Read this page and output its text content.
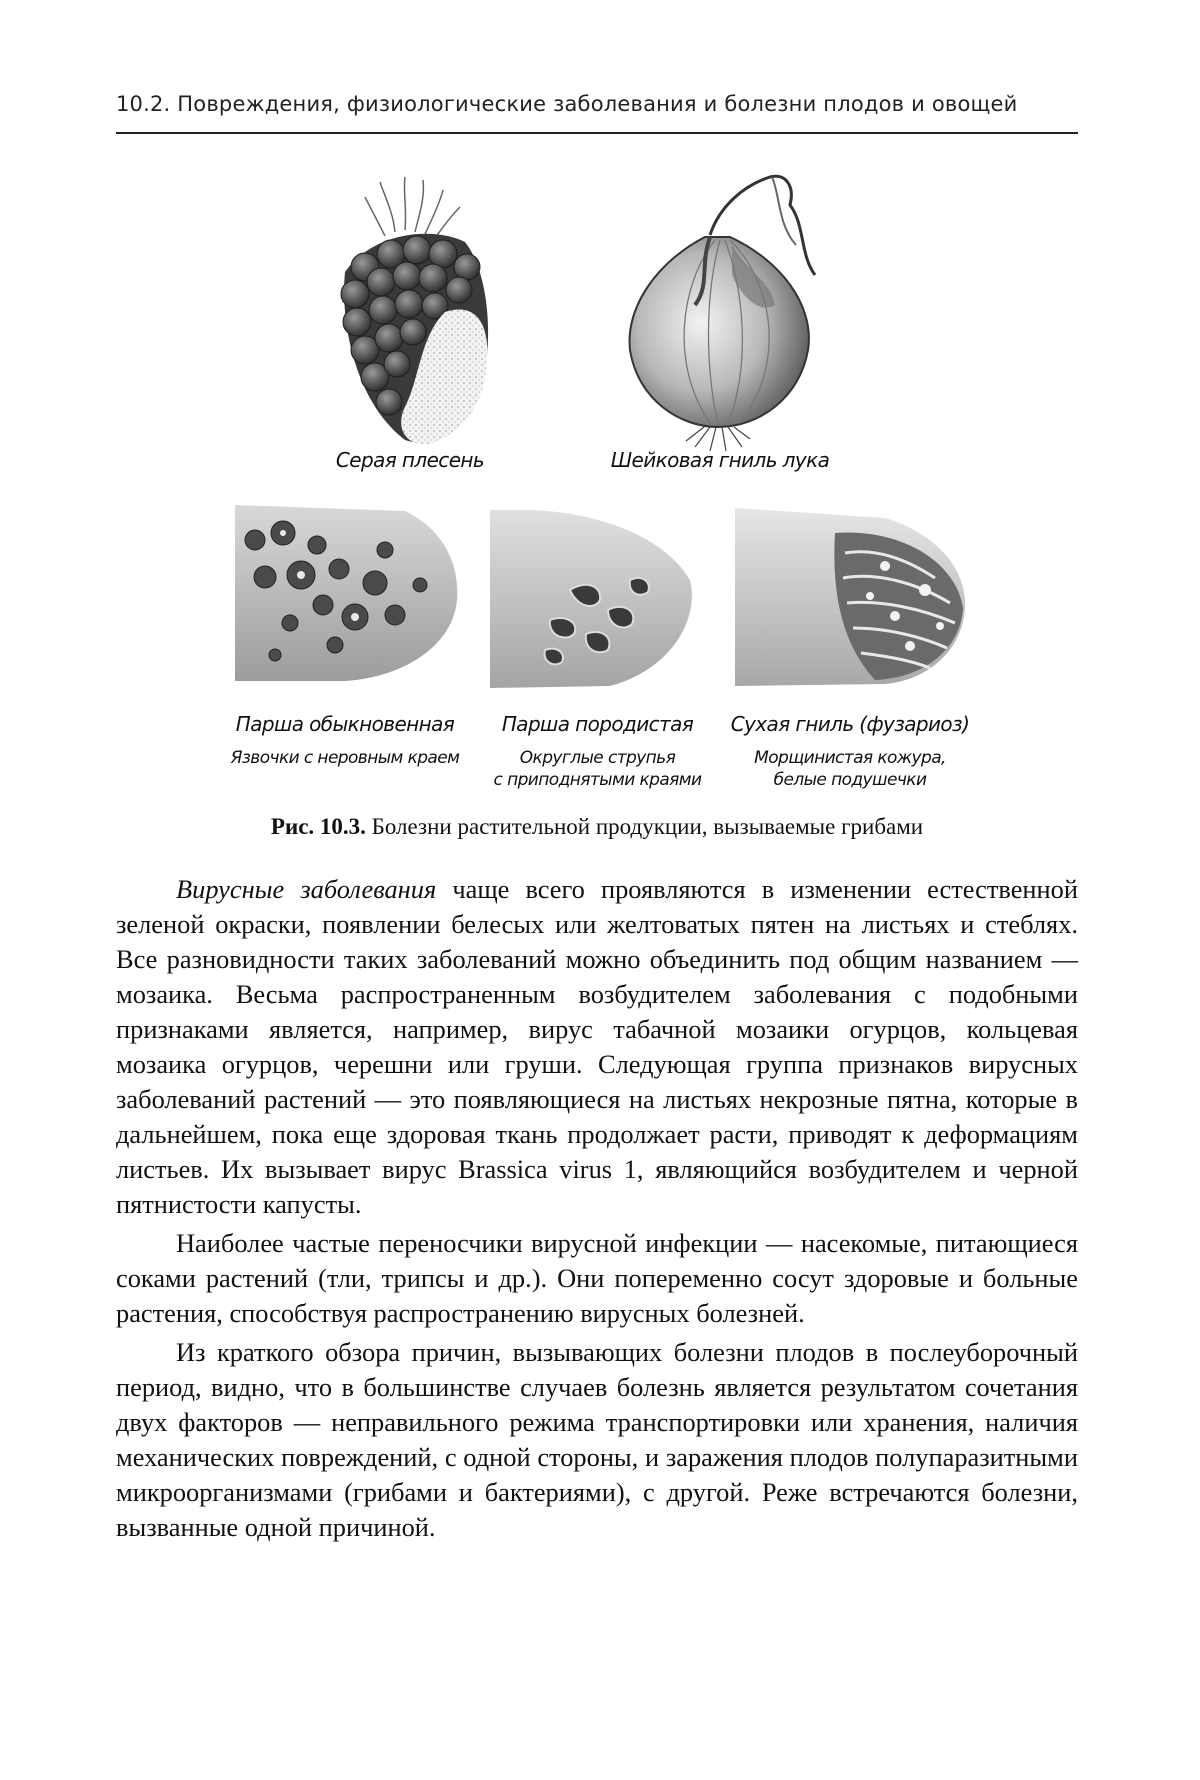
10.2. Повреждения, физиологические заболевания и болезни плодов и овощей
Серая плесень	Шейковая гниль лука
Парша обыкновенная	Парша породистая	Сухая гниль (фузариоз)
Язвочки с неровным краем	Округлые струпья
с приподнятыми краями
Морщинистая кожура,
белые подушечки
Рис. 10.3. Болезни растительной продукции, вызываемые грибами

Вирусные заболевания чаще всего проявляются в изменении естественной зеленой окраски, появлении белесых или желтоватых пятен на листьях и стеблях. Все разновидности таких заболеваний можно объединить под общим названием — мозаика. Весьма распространенным возбудителем заболевания с подобными признаками является, например, вирус табачной мозаики огурцов, кольцевая мозаика огурцов, черешни или груши. Следующая группа признаков вирусных заболеваний растений — это появляющиеся на листьях некрозные пятна, которые в дальнейшем, пока еще здоровая ткань продолжает расти, приводят к деформациям листьев. Их вызывает вирус Brassica virus 1, являющийся возбудителем и черной пятнистости капусты.

Наиболее частые переносчики вирусной инфекции — насекомые, питающиеся соками растений (тли, трипсы и др.). Они попеременно сосут здоровые и больные растения, способствуя распространению вирусных болезней.

Из краткого обзора причин, вызывающих болезни плодов в послеуборочный период, видно, что в большинстве случаев болезнь является результатом сочетания двух факторов — неправильного режима транспортировки или хранения, наличия механических повреждений, с одной стороны, и заражения плодов полупаразитными микроорганизмами (грибами и бактериями), с другой. Реже встречаются болезни, вызванные одной причиной.
